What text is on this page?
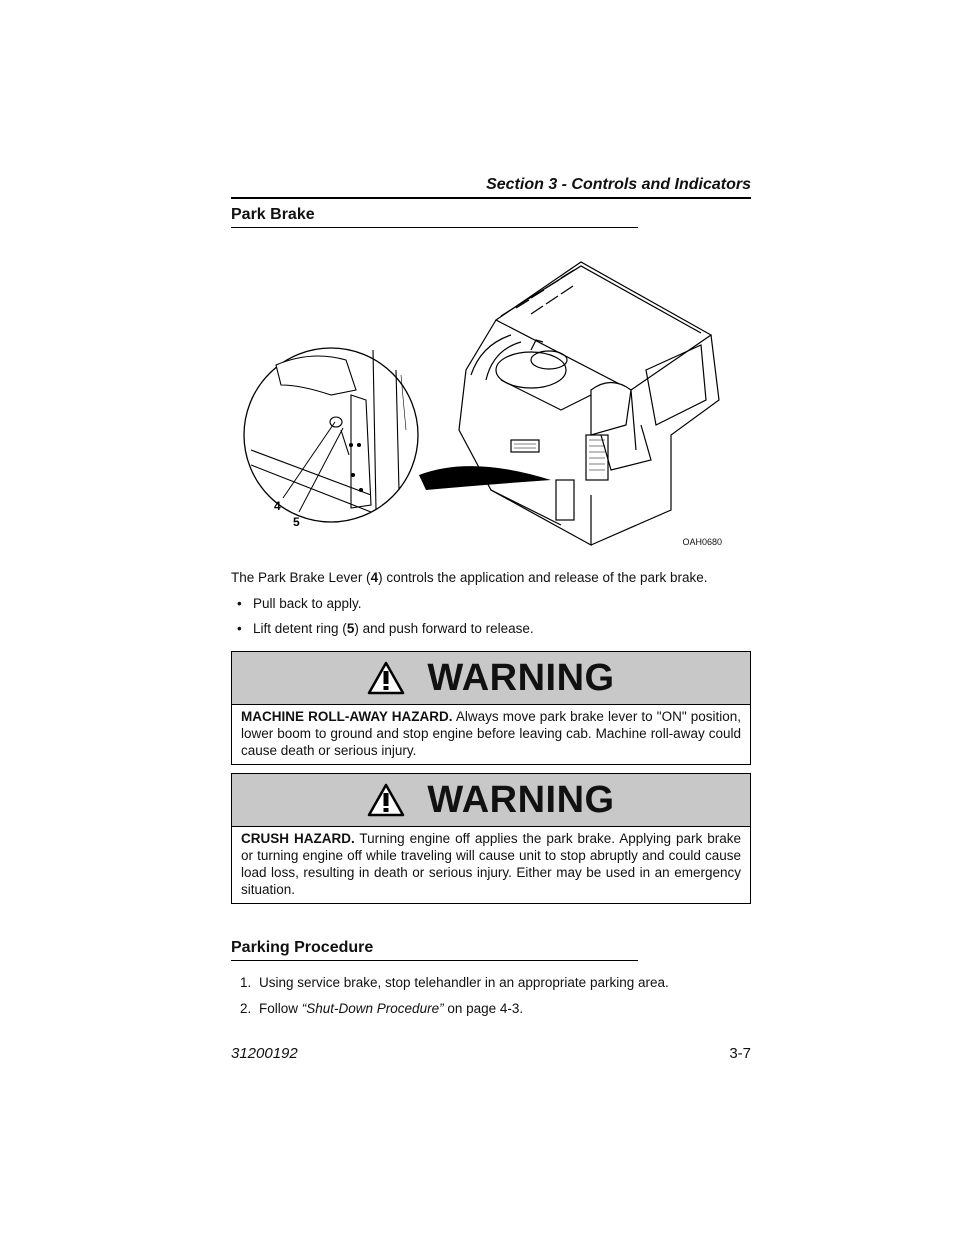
Section 3 - Controls and Indicators
Park Brake
4
5
OAH0680
The Park Brake Lever (4) controls the application and release of the park brake.
• Pull back to apply.
• Lift detent ring (5) and push forward to release.
WARNING
MACHINE ROLL-AWAY HAZARD. Always move park brake lever to "ON" position, lower boom to ground and stop engine before leaving cab. Machine roll-away could cause death or serious injury.
WARNING
CRUSH HAZARD. Turning engine off applies the park brake. Applying park brake or turning engine off while traveling will cause unit to stop abruptly and could cause load loss, resulting in death or serious injury. Either may be used in an emergency situation.
Parking Procedure
1. Using service brake, stop telehandler in an appropriate parking area.
2. Follow “Shut-Down Procedure” on page 4-3.
31200192	3-7
